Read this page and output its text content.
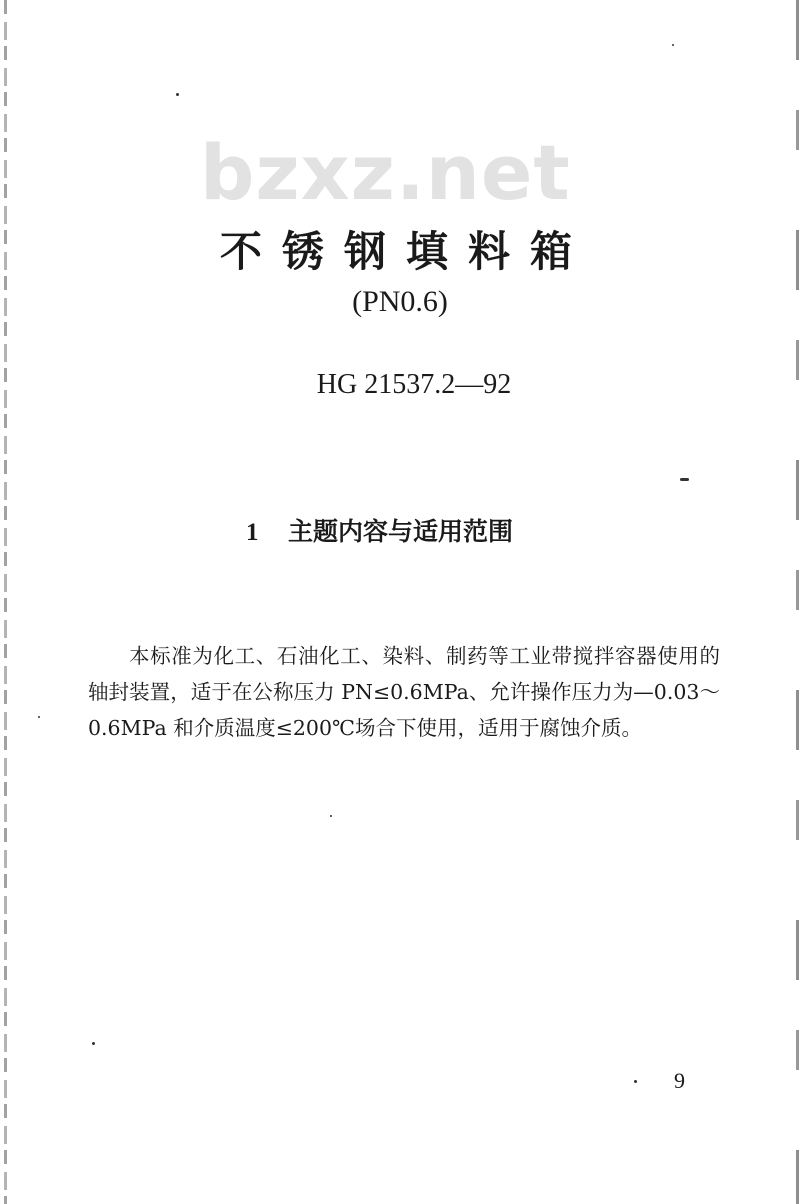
bzxz.net
不锈钢填料箱
(PN0.6)
HG 21537.2—92
1 主题内容与适用范围

本标准为化工、石油化工、染料、制药等工业带搅拌容器使用的轴封装置，适于在公称压力 PN≤0.6MPa、允许操作压力为—0.03～0.6MPa 和介质温度≤200℃场合下使用，适用于腐蚀介质。

9
